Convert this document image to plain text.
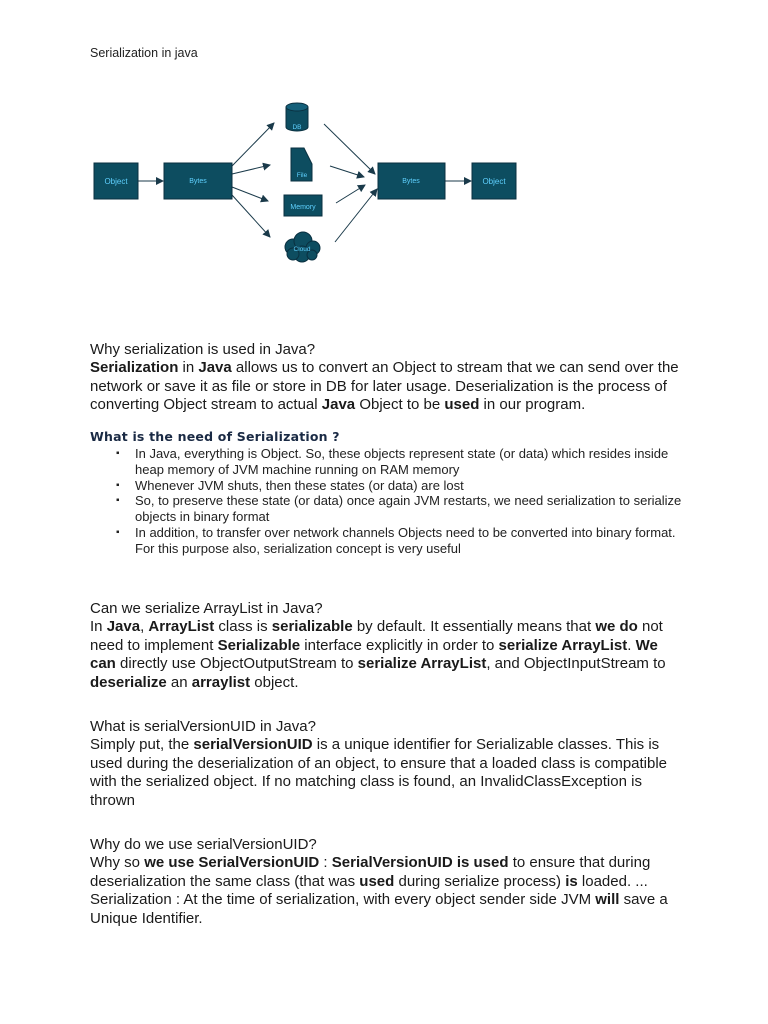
Serialization in java
Object	Bytes
DB
File
Memory
Cloud
Bytes	Object

Why serialization is used in Java?

Serialization in Java allows us to convert an Object to stream that we can send over the network or save it as file or store in DB for later usage. Deserialization is the process of converting Object stream to actual Java Object to be used in our program.

What is the need of Serialization ?

▪ In Java, everything is Object. So, these objects represent state (or data) which resides inside heap memory of JVM machine running on RAM memory
▪ Whenever JVM shuts, then these states (or data) are lost
▪ So, to preserve these state (or data) once again JVM restarts, we need serialization to serialize objects in binary format
▪ In addition, to transfer over network channels Objects need to be converted into binary format. For this purpose also, serialization concept is very useful

Can we serialize ArrayList in Java?

In Java, ArrayList class is serializable by default. It essentially means that we do not need to implement Serializable interface explicitly in order to serialize ArrayList. We can directly use ObjectOutputStream to serialize ArrayList, and ObjectInputStream to deserialize an arraylist object.

What is serialVersionUID in Java?

Simply put, the serialVersionUID is a unique identifier for Serializable classes. This is used during the deserialization of an object, to ensure that a loaded class is compatible with the serialized object. If no matching class is found, an InvalidClassException is thrown

Why do we use serialVersionUID?

Why so we use SerialVersionUID : SerialVersionUID is used to ensure that during deserialization the same class (that was used during serialize process) is loaded. ... Serialization : At the time of serialization, with every object sender side JVM will save a Unique Identifier.
